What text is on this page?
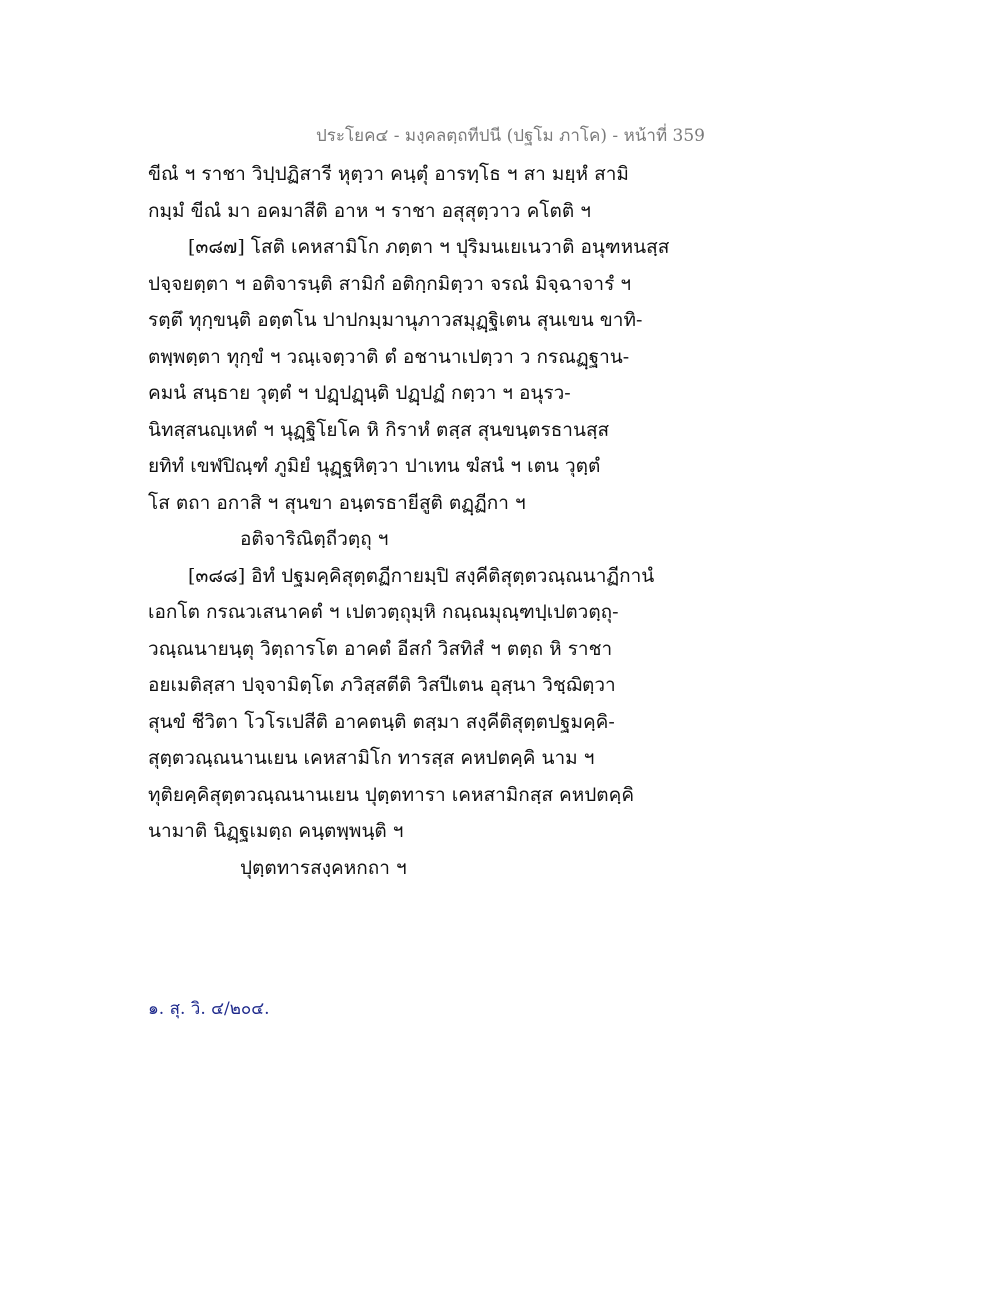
ประโยค๔ - มงฺคลตฺถทีปนี (ปฐโม ภาโค) - หน้าที่ 359
ขีณํ ฯ ราชา วิปฺปฏิสารี หุตฺวา คนฺตุํ อารทฺโธ ฯ สา มยฺหํ สามิ
กมฺมํ ขีณํ มา อคมาสีติ อาห ฯ ราชา อสุสุตฺวาว คโตติ ฯ
[๓๘๗] โสติ เคหสามิโก ภตฺตา ฯ ปุริมนเยเนวาติ อนุฑหนสฺส
ปจฺจยตฺตา ฯ อติจารนฺติ สามิกํ อติกฺกมิตฺวา จรณํ มิจฺฉาจารํ ฯ
รตฺตึ ทุกฺขนฺติ อตฺตโน ปาปกมฺมานุภาวสมุฏฺฐิเตน สุนเขน ขาทิ-
ตพฺพตฺตา ทุกฺขํ ฯ วณฺเจตฺวาติ ตํ อชานาเปตฺวา ว กรณฏฺฐาน-
คมนํ สนฺธาย วุตฺตํ ฯ ปฏฺปฏฺนฺติ ปฏฺปฏํ กตฺวา ฯ อนุรว-
นิทสฺสนญฺเหตํ ฯ นุฏฺฐิโยโค หิ กิราหํ ตสฺส สุนขนฺตรธานสฺส
ยทิทํ เขฬปิณฺฑํ ภูมิยํ นุฏฺฐหิตฺวา ปาเทน ฆํสนํ ฯ เตน วุตฺตํ
โส ตถา อกาสิ ฯ สุนขา อนฺตรธายีสูติ ตฏฺฏีกา ฯ
อติจาริณิตฺถีวตฺถุ ฯ
[๓๘๘] อิทํ ปฐมคฺคิสุตฺตฏีกายมฺปิ สงฺคีติสุตฺตวณฺณนาฏีกานํ
เอกโต กรณวเสนาคตํ ฯ เปตวตฺถุมฺหิ กณฺณมุณฺฑปฺเปตวตฺถุ-
วณฺณนายนฺตุ วิตฺถารโต อาคตํ อีสกํ วิสทิสํ ฯ ตตฺถ หิ ราชา
อยเมติสฺสา ปจฺจามิตฺโต ภวิสฺสตีติ วิสปีเตน อุสฺนา วิชฺฌิตฺวา
สุนขํ ชีวิตา โวโรเปสีติ อาคตนฺติ ตสฺมา สงฺคีติสุตฺตปฐมคฺคิ-
สุตฺตวณฺณนานเยน เคหสามิโก ทารสฺส คหปตคฺคิ นาม ฯ
ทุติยคฺคิสุตฺตวณฺณนานเยน ปุตฺตทารา เคหสามิกสฺส คหปตคฺคิ
นามาติ นิฏฺฐเมตฺถ คนฺตพฺพนฺติ ฯ
ปุตฺตทารสงฺคหกถา ฯ
๑. สุ. วิ. ๔/๒๐๔.
